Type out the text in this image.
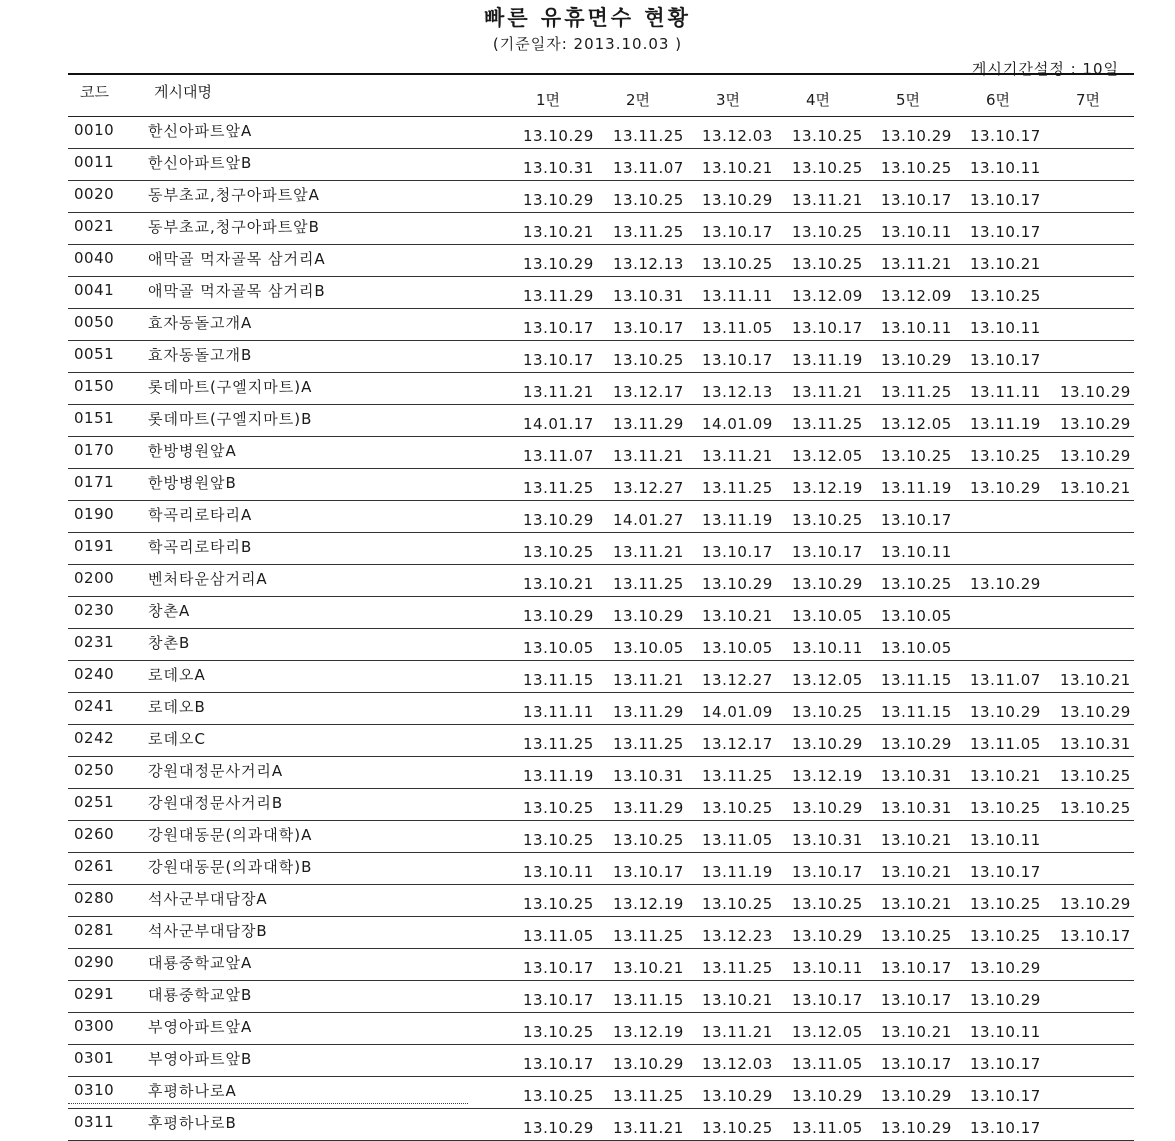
빠른 유휴면수 현황
(기준일자: 2013.10.03 )
게시기간설정 : 10일
코드	게시대명	1면	2면	3면	4면	5면	6면	7면
0010 한신아파트앞A	13.10.29 13.11.25 13.12.03 13.10.25 13.10.29 13.10.17
0011 한신아파트앞B	13.10.31 13.11.07 13.10.21 13.10.25 13.10.25 13.10.11
0020 동부초교,청구아파트앞A	13.10.29 13.10.25 13.10.29 13.11.21 13.10.17 13.10.17
0021 동부초교,청구아파트앞B	13.10.21 13.11.25 13.10.17 13.10.25 13.10.11 13.10.17
0040 애막골 먹자골목 삼거리A	13.10.29 13.12.13 13.10.25 13.10.25 13.11.21 13.10.21
0041 애막골 먹자골목 삼거리B	13.11.29 13.10.31 13.11.11 13.12.09 13.12.09 13.10.25
0050 효자동돌고개A	13.10.17 13.10.17 13.11.05 13.10.17 13.10.11 13.10.11
0051 효자동돌고개B	13.10.17 13.10.25 13.10.17 13.11.19 13.10.29 13.10.17
0150 롯데마트(구엘지마트)A	13.11.21 13.12.17 13.12.13 13.11.21 13.11.25 13.11.11 13.10.29
0151 롯데마트(구엘지마트)B	14.01.17 13.11.29 14.01.09 13.11.25 13.12.05 13.11.19 13.10.29
0170 한방병원앞A	13.11.07 13.11.21 13.11.21 13.12.05 13.10.25 13.10.25 13.10.29
0171 한방병원앞B	13.11.25 13.12.27 13.11.25 13.12.19 13.11.19 13.10.29 13.10.21
0190 학곡리로타리A	13.10.29 14.01.27 13.11.19 13.10.25 13.10.17
0191 학곡리로타리B	13.10.25 13.11.21 13.10.17 13.10.17 13.10.11
0200 벤처타운삼거리A	13.10.21 13.11.25 13.10.29 13.10.29 13.10.25 13.10.29
0230 창촌A	13.10.29 13.10.29 13.10.21 13.10.05 13.10.05
0231 창촌B	13.10.05 13.10.05 13.10.05 13.10.11 13.10.05
0240 로데오A	13.11.15 13.11.21 13.12.27 13.12.05 13.11.15 13.11.07 13.10.21
0241 로데오B	13.11.11 13.11.29 14.01.09 13.10.25 13.11.15 13.10.29 13.10.29
0242 로데오C	13.11.25 13.11.25 13.12.17 13.10.29 13.10.29 13.11.05 13.10.31
0250 강원대정문사거리A	13.11.19 13.10.31 13.11.25 13.12.19 13.10.31 13.10.21 13.10.25
0251 강원대정문사거리B	13.10.25 13.11.29 13.10.25 13.10.29 13.10.31 13.10.25 13.10.25
0260 강원대동문(의과대학)A	13.10.25 13.10.25 13.11.05 13.10.31 13.10.21 13.10.11
0261 강원대동문(의과대학)B	13.10.11 13.10.17 13.11.19 13.10.17 13.10.21 13.10.17
0280 석사군부대담장A	13.10.25 13.12.19 13.10.25 13.10.25 13.10.21 13.10.25 13.10.29
0281 석사군부대담장B	13.11.05 13.11.25 13.12.23 13.10.29 13.10.25 13.10.25 13.10.17
0290 대룡중학교앞A	13.10.17 13.10.21 13.11.25 13.10.11 13.10.17 13.10.29
0291 대룡중학교앞B	13.10.17 13.11.15 13.10.21 13.10.17 13.10.17 13.10.29
0300 부영아파트앞A	13.10.25 13.12.19 13.11.21 13.12.05 13.10.21 13.10.11
0301 부영아파트앞B	13.10.17 13.10.29 13.12.03 13.11.05 13.10.17 13.10.17
0310 후평하나로A	13.10.25 13.11.25 13.10.29 13.10.29 13.10.29 13.10.17
0311 후평하나로B	13.10.29 13.11.21 13.10.25 13.11.05 13.10.29 13.10.17
